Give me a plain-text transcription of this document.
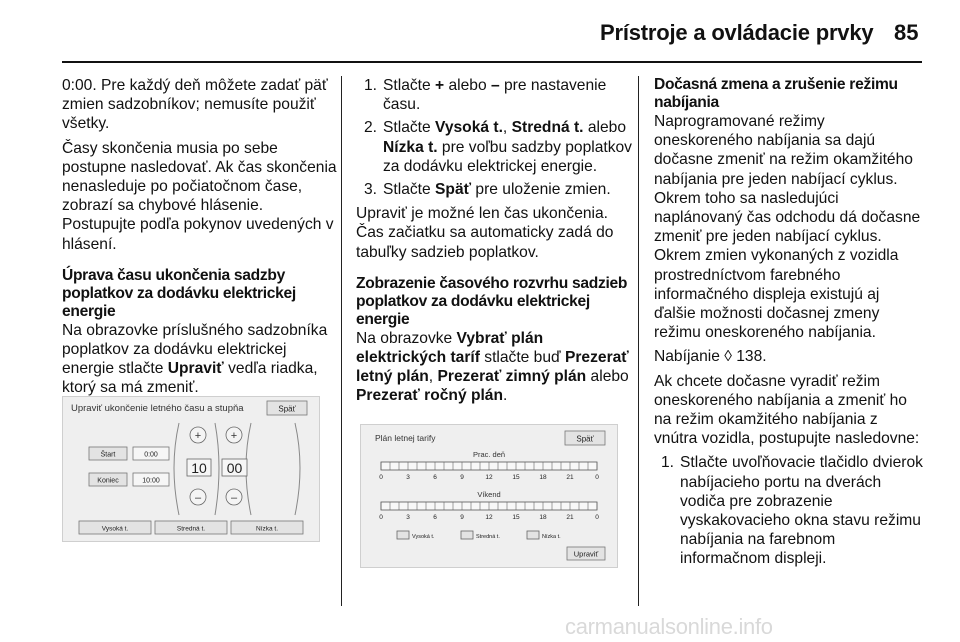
Prístroje a ovládacie prvky 85

0:00. Pre každý deň môžete zadať päť zmien sadzobníkov; nemusíte použiť všetky.

Časy skončenia musia po sebe postupne nasledovať. Ak čas skončenia nenasleduje po počiatočnom čase, zobrazí sa chybové hlásenie. Postupujte podľa pokynov uvedených v hlásení.

Úprava času ukončenia sadzby poplatkov za dodávku elektrickej energie

Na obrazovke príslušného sadzobníka poplatkov za dodávku elektrickej energie stlačte Upraviť vedľa riadka, ktorý sa má zmeniť.

Upraviť ukončenie letného času a stupňa	Späť
Štart	0:00
Koniec	10:00
+
10
–
+
00
–
Vysoká t.	Stredná t.	Nízka t.
1. Stlačte + alebo – pre nastavenie času.
2. Stlačte Vysoká t., Stredná t. alebo Nízka t. pre voľbu sadzby poplatkov za dodávku elektrickej energie.
3. Stlačte Späť pre uloženie zmien.

Upraviť je možné len čas ukončenia. Čas začiatku sa automaticky zadá do tabuľky sadzieb poplatkov.

Zobrazenie časového rozvrhu sadzieb poplatkov za dodávku elektrickej energie

Na obrazovke Vybrať plán elektrických taríf stlačte buď Prezerať letný plán, Prezerať zimný plán alebo Prezerať ročný plán.

Plán letnej tarify	Späť
Prac. deň
0	3	6	9	12	15	18	21	0
Víkend
0	3	6	9	12	15	18	21	0
Vysoká t.	Stredná t.	Nízka t.
Upraviť
Dočasná zmena a zrušenie režimu nabíjania

Naprogramované režimy oneskoreného nabíjania sa dajú dočasne zmeniť na režim okamžitého nabíjania pre jeden nabíjací cyklus. Okrem toho sa nasledujúci naplánovaný čas odchodu dá dočasne zmeniť pre jeden nabíjací cyklus. Okrem zmien vykonaných z vozidla prostredníctvom farebného informačného displeja existujú aj ďalšie možnosti dočasnej zmeny režimu oneskoreného nabíjania.

Nabíjanie ◊ 138.

Ak chcete dočasne vyradiť režim oneskoreného nabíjania a zmeniť ho na režim okamžitého nabíjania z vnútra vozidla, postupujte nasledovne:

1. Stlačte uvoľňovacie tlačidlo dvierok nabíjacieho portu na dverách vodiča pre zobrazenie vyskakovacieho okna stavu režimu nabíjania na farebnom informačnom displeji.
carmanualsonline.info
